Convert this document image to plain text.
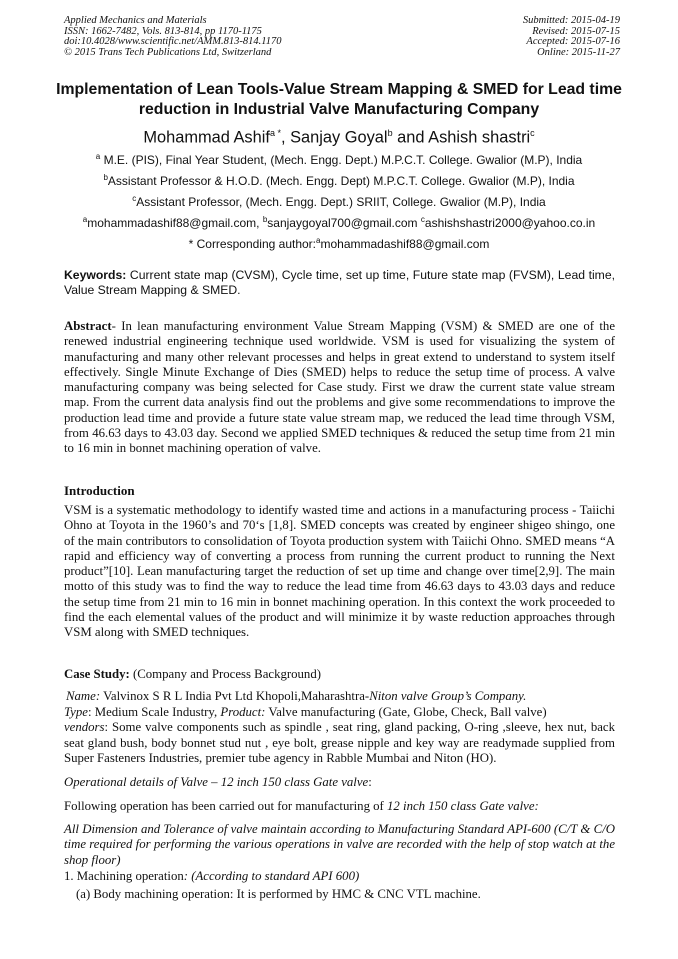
Applied Mechanics and Materials
ISSN: 1662-7482, Vols. 813-814, pp 1170-1175
doi:10.4028/www.scientific.net/AMM.813-814.1170
© 2015 Trans Tech Publications Ltd, Switzerland
Submitted: 2015-04-19
Revised: 2015-07-15
Accepted: 2015-07-16
Online: 2015-11-27
Implementation of Lean Tools-Value Stream Mapping & SMED for Lead time reduction in Industrial Valve Manufacturing Company
Mohammad Ashif$^{a *}$, Sanjay Goyal$^b$ and Ashish shastri$^c$
$^a$ M.E. (PIS), Final Year Student, (Mech. Engg. Dept.) M.P.C.T. College. Gwalior (M.P), India
$^b$Assistant Professor & H.O.D. (Mech. Engg. Dept) M.P.C.T. College. Gwalior (M.P), India
$^c$Assistant Professor, (Mech. Engg. Dept.) SRIIT, College. Gwalior (M.P), India
$^a$mohammadashif88@gmail.com, $^b$sanjaygoyal700@gmail.com $^c$ashishshastri2000@yahoo.co.in
* Corresponding author:$^a$mohammadashif88@gmail.com
Keywords: Current state map (CVSM), Cycle time, set up time, Future state map (FVSM), Lead time, Value Stream Mapping & SMED.
Abstract- In lean manufacturing environment Value Stream Mapping (VSM) & SMED are one of the renewed industrial engineering technique used worldwide. VSM is used for visualizing the system of manufacturing and many other relevant processes and helps in great extend to understand to system itself effectively. Single Minute Exchange of Dies (SMED) helps to reduce the setup time of process. A valve manufacturing company was being selected for Case study. First we draw the current state value stream map. From the current data analysis find out the problems and give some recommendations to improve the production lead time and provide a future state value stream map, we reduced the lead time through VSM, from 46.63 days to 43.03 day. Second we applied SMED techniques & reduced the setup time from 21 min to 16 min in bonnet machining operation of valve.
Introduction
VSM is a systematic methodology to identify wasted time and actions in a manufacturing process - Taiichi Ohno at Toyota in the 1960’s and 70‘s [1,8]. SMED concepts was created by engineer shigeo shingo, one of the main contributors to consolidation of Toyota production system with Taiichi Ohno. SMED means “A rapid and efficiency way of converting a process from running the current product to running the Next product”[10]. Lean manufacturing target the reduction of set up time and change over time[2,9]. The main motto of this study was to find the way to reduce the lead time from 46.63 days to 43.03 days and reduce the setup time from 21 min to 16 min in bonnet machining operation. In this context the work proceeded to find the each elemental values of the product and will minimize it by waste reduction approaches through VSM along with SMED techniques.
Case Study: (Company and Process Background)
Name: Valvinox S R L India Pvt Ltd Khopoli,Maharashtra-Niton valve Group’s Company.
Type: Medium Scale Industry, Product: Valve manufacturing (Gate, Globe, Check, Ball valve)
vendors: Some valve components such as spindle , seat ring, gland packing, O-ring ,sleeve, hex nut, back seat gland bush, body bonnet stud nut , eye bolt, grease nipple and key way are readymade supplied from Super Fasteners Industries, premier tube agency in Rabble Mumbai and Niton (HO).
Operational details of Valve – 12 inch 150 class Gate valve:
Following operation has been carried out for manufacturing of 12 inch 150 class Gate valve:
All Dimension and Tolerance of valve maintain according to Manufacturing Standard API-600 (C/T & C/O time required for performing the various operations in valve are recorded with the help of stop watch at the shop floor)
1. Machining operation: (According to standard API 600)
(a) Body machining operation: It is performed by HMC & CNC VTL machine.
